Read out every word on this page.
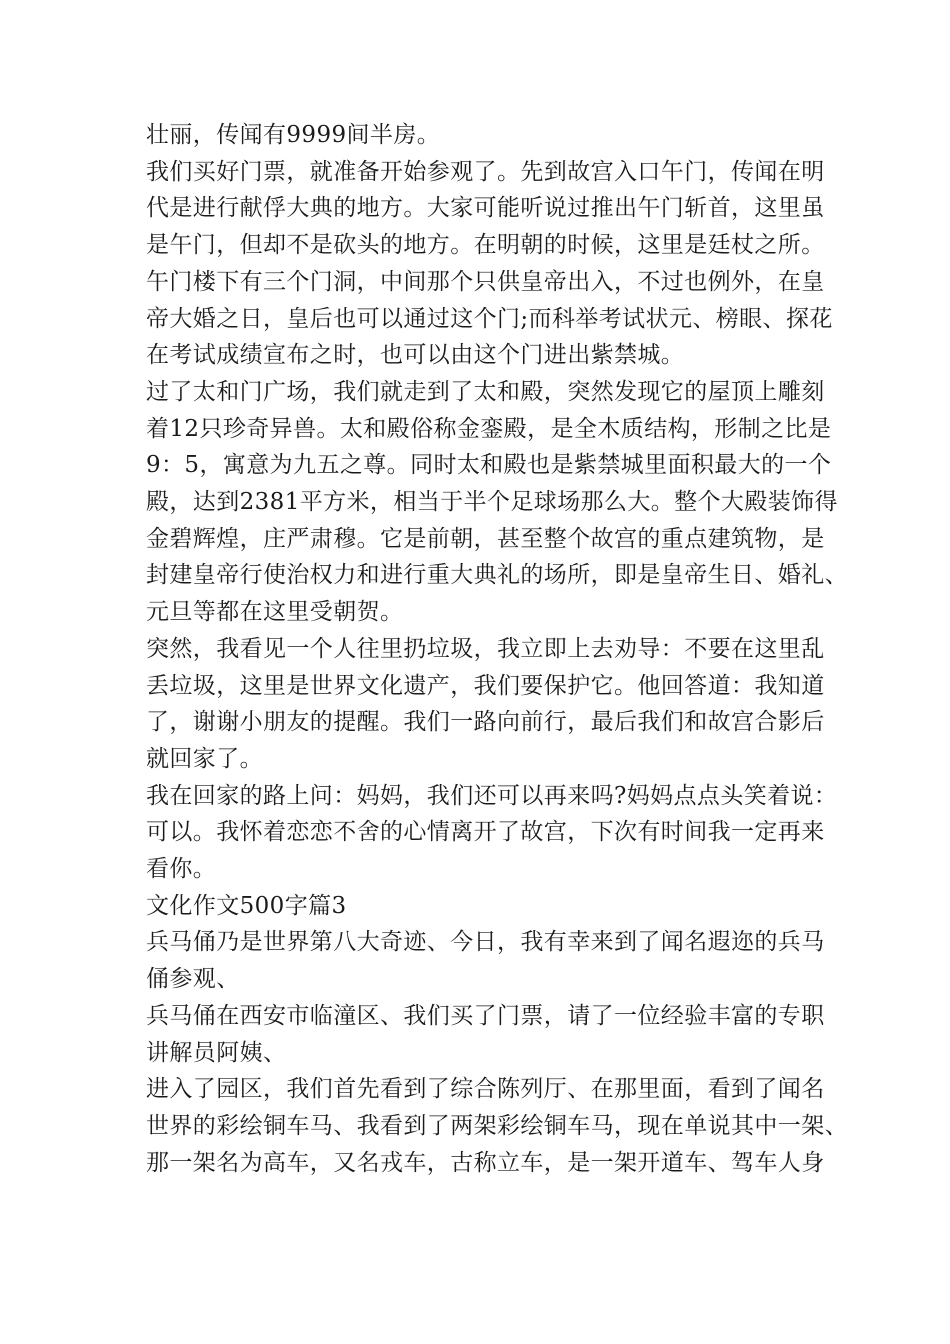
壮丽，传闻有9999间半房。
我们买好门票，就准备开始参观了。先到故宫入口午门，传闻在明
代是进行献俘大典的地方。大家可能听说过推出午门斩首，这里虽
是午门，但却不是砍头的地方。在明朝的时候，这里是廷杖之所。
午门楼下有三个门洞，中间那个只供皇帝出入，不过也例外，在皇
帝大婚之日，皇后也可以通过这个门;而科举考试状元、榜眼、探花
在考试成绩宣布之时，也可以由这个门进出紫禁城。
过了太和门广场，我们就走到了太和殿，突然发现它的屋顶上雕刻
着12只珍奇异兽。太和殿俗称金銮殿，是全木质结构，形制之比是
9：5，寓意为九五之尊。同时太和殿也是紫禁城里面积最大的一个
殿，达到2381平方米，相当于半个足球场那么大。整个大殿装饰得
金碧辉煌，庄严肃穆。它是前朝，甚至整个故宫的重点建筑物，是
封建皇帝行使治权力和进行重大典礼的场所，即是皇帝生日、婚礼、
元旦等都在这里受朝贺。
突然，我看见一个人往里扔垃圾，我立即上去劝导：不要在这里乱
丢垃圾，这里是世界文化遗产，我们要保护它。他回答道：我知道
了，谢谢小朋友的提醒。我们一路向前行，最后我们和故宫合影后
就回家了。
我在回家的路上问：妈妈，我们还可以再来吗?妈妈点点头笑着说：
可以。我怀着恋恋不舍的心情离开了故宫，下次有时间我一定再来
看你。
文化作文500字篇3
兵马俑乃是世界第八大奇迹、今日，我有幸来到了闻名遐迩的兵马
俑参观、
兵马俑在西安市临潼区、我们买了门票，请了一位经验丰富的专职
讲解员阿姨、
进入了园区，我们首先看到了综合陈列厅、在那里面，看到了闻名
世界的彩绘铜车马、我看到了两架彩绘铜车马，现在单说其中一架、
那一架名为高车，又名戎车，古称立车，是一架开道车、驾车人身
